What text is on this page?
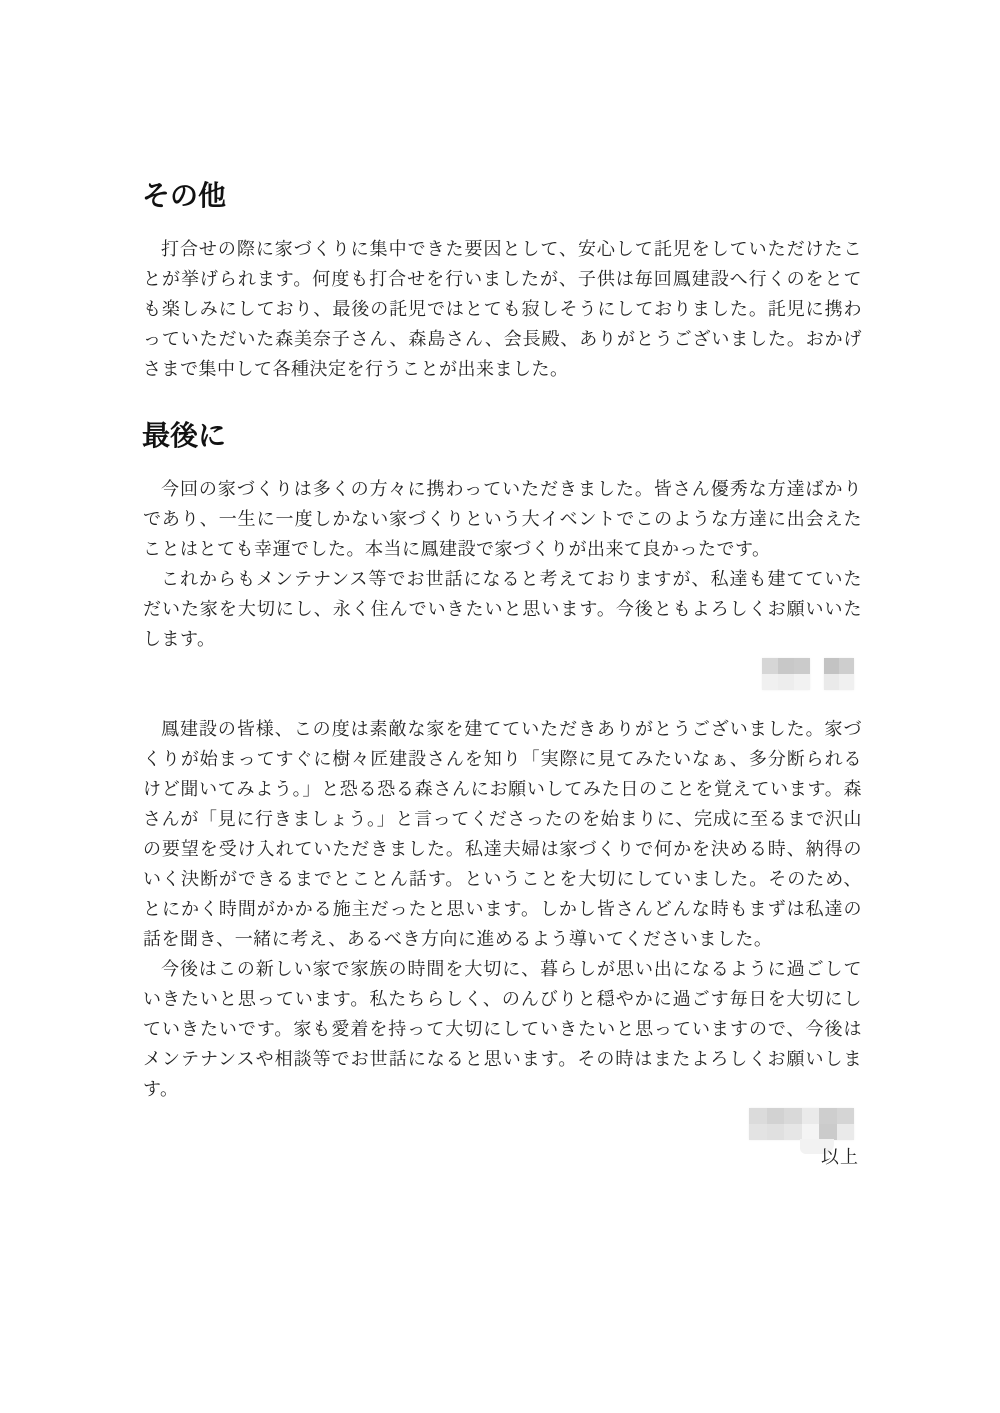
その他

打合せの際に家づくりに集中できた要因として、安心して託児をしていただけたことが挙げられます。何度も打合せを行いましたが、子供は毎回鳳建設へ行くのをとても楽しみにしており、最後の託児ではとても寂しそうにしておりました。託児に携わっていただいた森美奈子さん、森島さん、会長殿、ありがとうございました。おかげさまで集中して各種決定を行うことが出来ました。

最後に

今回の家づくりは多くの方々に携わっていただきました。皆さん優秀な方達ばかりであり、一生に一度しかない家づくりという大イベントでこのような方達に出会えたことはとても幸運でした。本当に鳳建設で家づくりが出来て良かったです。

これからもメンテナンス等でお世話になると考えておりますが、私達も建てていただいた家を大切にし、永く住んでいきたいと思います。今後ともよろしくお願いいたします。

鳳建設の皆様、この度は素敵な家を建てていただきありがとうございました。家づくりが始まってすぐに樹々匠建設さんを知り「実際に見てみたいなぁ、多分断られるけど聞いてみよう。」と恐る恐る森さんにお願いしてみた日のことを覚えています。森さんが「見に行きましょう。」と言ってくださったのを始まりに、完成に至るまで沢山の要望を受け入れていただきました。私達夫婦は家づくりで何かを決める時、納得のいく決断ができるまでとことん話す。ということを大切にしていました。そのため、とにかく時間がかかる施主だったと思います。しかし皆さんどんな時もまずは私達の話を聞き、一緒に考え、あるべき方向に進めるよう導いてくださいました。

今後はこの新しい家で家族の時間を大切に、暮らしが思い出になるように過ごしていきたいと思っています。私たちらしく、のんびりと穏やかに過ごす毎日を大切にしていきたいです。家も愛着を持って大切にしていきたいと思っていますので、今後はメンテナンスや相談等でお世話になると思います。その時はまたよろしくお願いします。

以上
